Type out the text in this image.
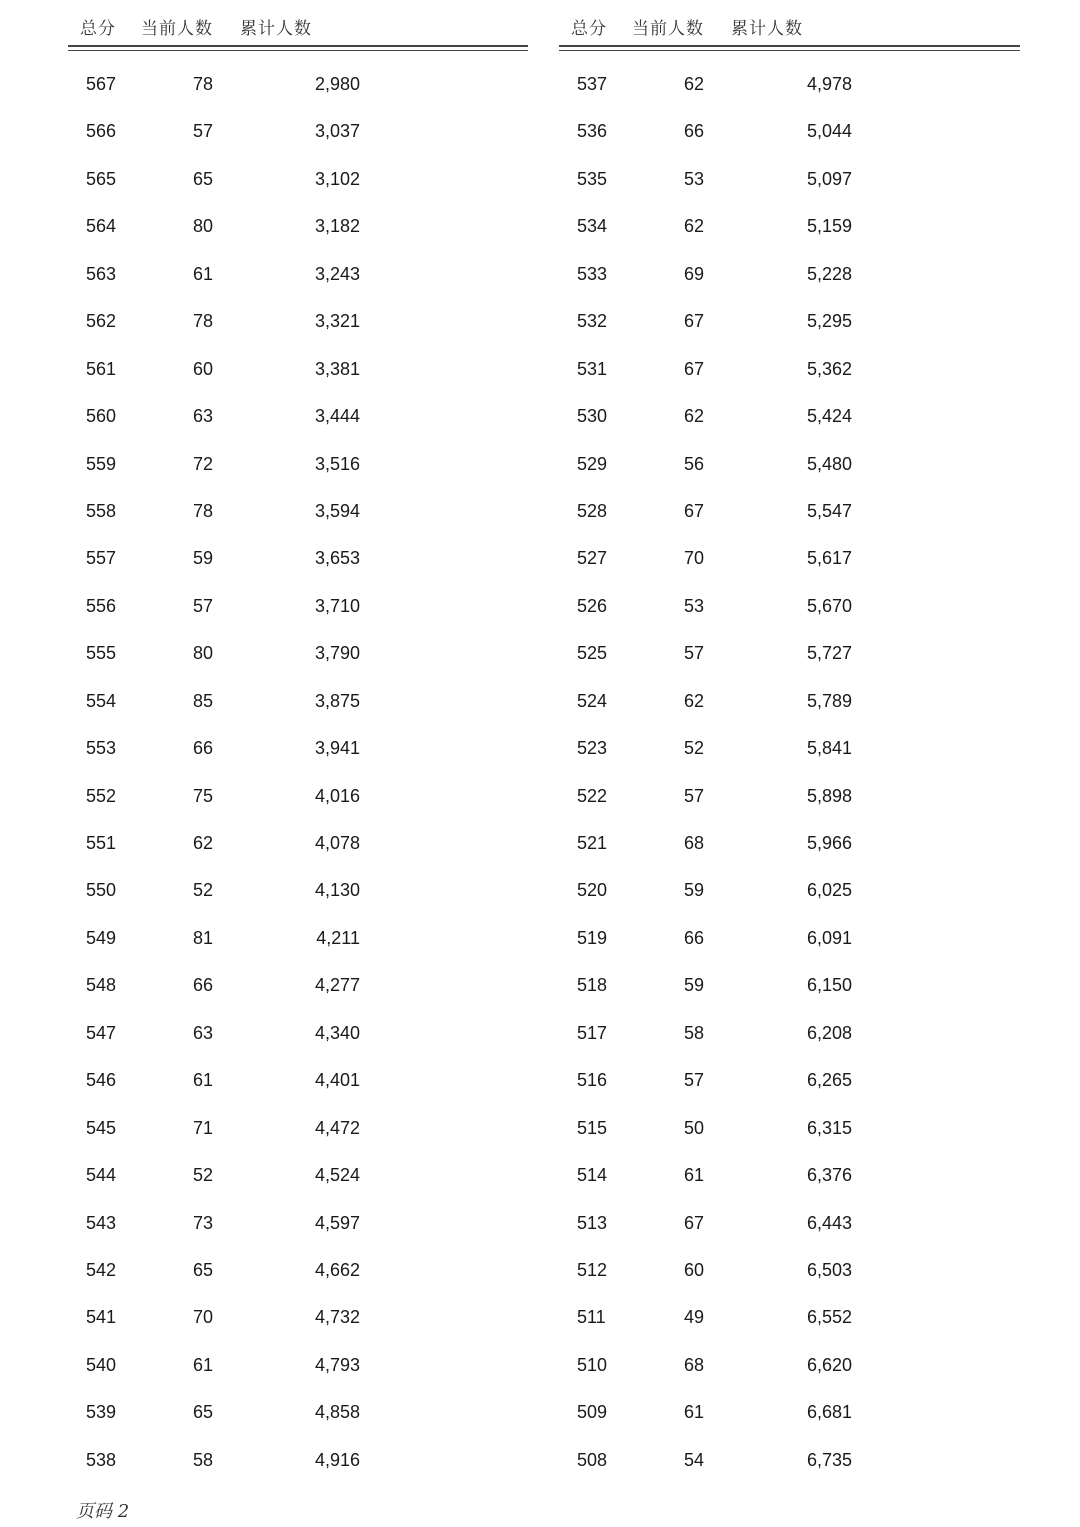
总分 当前人数 累计人数
567	78	2,980
566	57	3,037
565	65	3,102
564	80	3,182
563	61	3,243
562	78	3,321
561	60	3,381
560	63	3,444
559	72	3,516
558	78	3,594
557	59	3,653
556	57	3,710
555	80	3,790
554	85	3,875
553	66	3,941
552	75	4,016
551	62	4,078
550	52	4,130
549	81	4,211
548	66	4,277
547	63	4,340
546	61	4,401
545	71	4,472
544	52	4,524
543	73	4,597
542	65	4,662
541	70	4,732
540	61	4,793
539	65	4,858
538	58	4,916
总分 当前人数 累计人数
537	62	4,978
536	66	5,044
535	53	5,097
534	62	5,159
533	69	5,228
532	67	5,295
531	67	5,362
530	62	5,424
529	56	5,480
528	67	5,547
527	70	5,617
526	53	5,670
525	57	5,727
524	62	5,789
523	52	5,841
522	57	5,898
521	68	5,966
520	59	6,025
519	66	6,091
518	59	6,150
517	58	6,208
516	57	6,265
515	50	6,315
514	61	6,376
513	67	6,443
512	60	6,503
511	49	6,552
510	68	6,620
509	61	6,681
508	54	6,735
页码 2
